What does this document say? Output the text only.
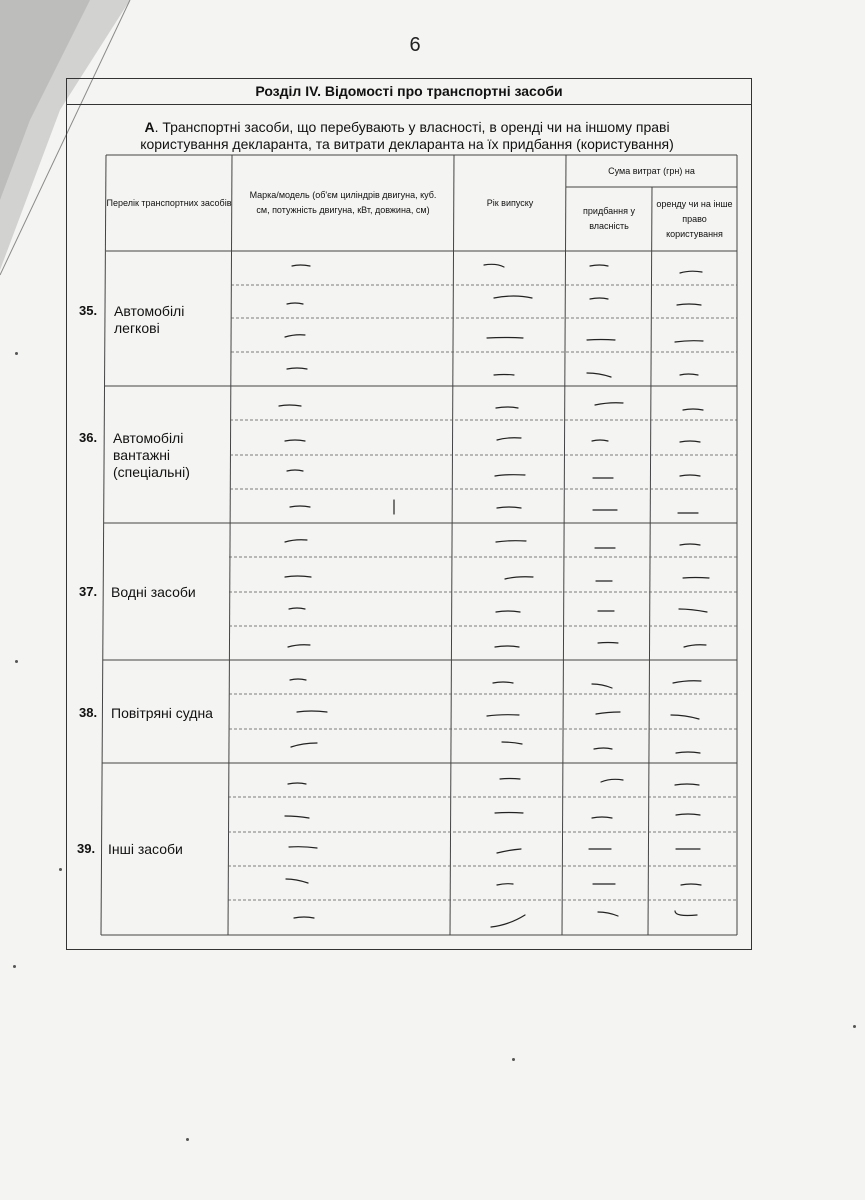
6
Розділ IV. Відомості про транспортні засоби
А. Транспортні засоби, що перебувають у власності, в оренді чи на іншому праві користування декларанта, та витрати декларанта на їх придбання (користування)
Перелік транспортних засобів
Марка/модель (об'єм циліндрів двигуна, куб. см, потужність двигуна, кВт, довжина, см)
Рік випуску
Сума витрат (грн) на
придбання у власність
оренду чи на інше право користування
35. Автомобілі легкові
36. Автомобілі вантажні (спеціальні)
37. Водні засоби
38. Повітряні судна
39. Інші засоби
